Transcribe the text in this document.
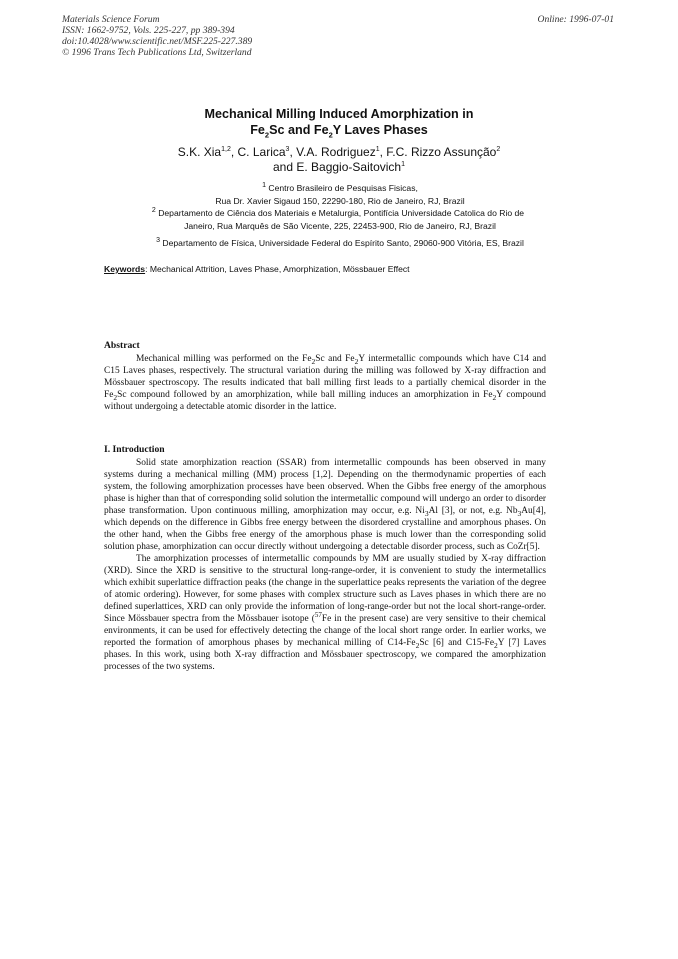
Materials Science Forum
ISSN: 1662-9752, Vols. 225-227, pp 389-394
doi:10.4028/www.scientific.net/MSF.225-227.389
© 1996 Trans Tech Publications Ltd, Switzerland
Online: 1996-07-01
Mechanical Milling Induced Amorphization in
$Fe_2Sc$ and $Fe_2Y$ Laves Phases
S.K. Xia$^{1,2}$, C. Larica$^3$, V.A. Rodriguez$^1$, F.C. Rizzo Assunção$^2$
and E. Baggio-Saitovich$^1$
$^1$ Centro Brasileiro de Pesquisas Fisicas,
Rua Dr. Xavier Sigaud 150, 22290-180, Rio de Janeiro, RJ, Brazil
$^2$ Departamento de Ciência dos Materiais e Metalurgia, Pontifícia Universidade Catolica do Rio de
Janeiro, Rua Marquês de São Vicente, 225, 22453-900, Rio de Janeiro, RJ, Brazil
$^3$ Departamento de Física, Universidade Federal do Espírito Santo, 29060-900 Vitória, ES, Brazil
Keywords: Mechanical Attrition, Laves Phase, Amorphization, Mössbauer Effect
Abstract

Mechanical milling was performed on the $Fe_2Sc$ and $Fe_2Y$ intermetallic compounds which have C14 and C15 Laves phases, respectively. The structural variation during the milling was followed by X-ray diffraction and Mössbauer spectroscopy. The results indicated that ball milling first leads to a partially chemical disorder in the $Fe_2Sc$ compound followed by an amorphization, while ball milling induces an amorphization in $Fe_2Y$ compound without undergoing a detectable atomic disorder in the lattice.

I. Introduction

Solid state amorphization reaction (SSAR) from intermetallic compounds has been observed in many systems during a mechanical milling (MM) process [1,2]. Depending on the thermodynamic properties of each system, the following amorphization processes have been observed. When the Gibbs free energy of the amorphous phase is higher than that of corresponding solid solution the intermetallic compound will undergo an order to disorder phase transformation. Upon continuous milling, amorphization may occur, e.g. $Ni_3Al$ [3], or not, e.g. $Nb_3Au[4]$, which depends on the difference in Gibbs free energy between the disordered crystalline and amorphous phases. On the other hand, when the Gibbs free energy of the amorphous phase is much lower than the corresponding solid solution phase, amorphization can occur directly without undergoing a detectable disorder process, such as CoZr[5].

The amorphization processes of intermetallic compounds by MM are usually studied by X-ray diffraction (XRD). Since the XRD is sensitive to the structural long-range-order, it is convenient to study the intermetallics which exhibit superlattice diffraction peaks (the change in the superlattice peaks represents the variation of the degree of atomic ordering). However, for some phases with complex structure such as Laves phases in which there are no defined superlattices, XRD can only provide the information of long-range-order but not the local short-range-order. Since Mössbauer spectra from the Mössbauer isotope ($^{57}$Fe in the present case) are very sensitive to their chemical environments, it can be used for effectively detecting the change of the local short range order. In earlier works, we reported the formation of amorphous phases by mechanical milling of $C14-Fe_2Sc$ [6] and $C15-Fe_2Y$ [7] Laves phases. In this work, using both X-ray diffraction and Mössbauer spectroscopy, we compared the amorphization processes of the two systems.
